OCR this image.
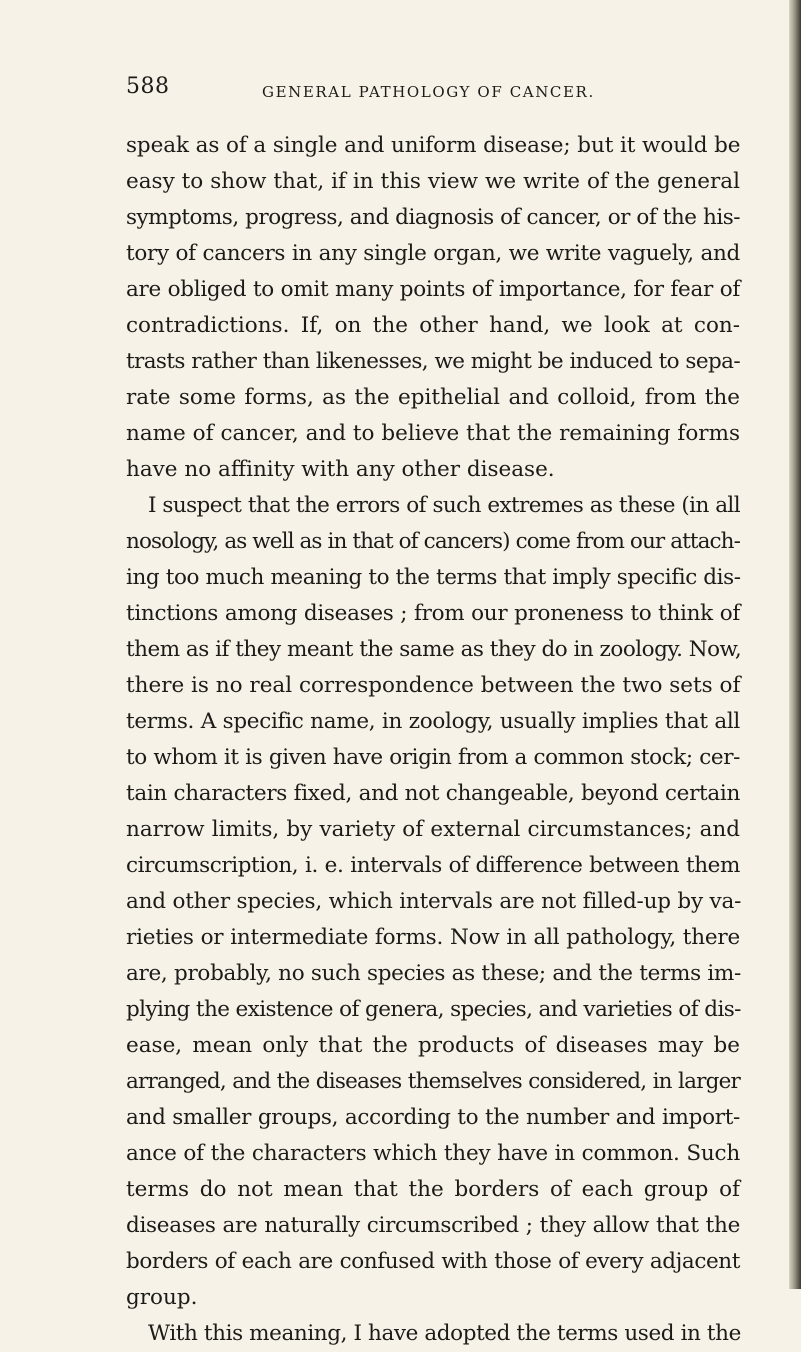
588	GENERAL PATHOLOGY OF CANCER.

speak as of a single and uniform disease; but it would be
easy to show that, if in this view we write of the general
symptoms, progress, and diagnosis of cancer, or of the his-
tory of cancers in any single organ, we write vaguely, and
are obliged to omit many points of importance, for fear of
contradictions. If, on the other hand, we look at con-
trasts rather than likenesses, we might be induced to sepa-
rate some forms, as the epithelial and colloid, from the
name of cancer, and to believe that the remaining forms
have no affinity with any other disease.
I suspect that the errors of such extremes as these (in all
nosology, as well as in that of cancers) come from our attach-
ing too much meaning to the terms that imply specific dis-
tinctions among diseases ; from our proneness to think of
them as if they meant the same as they do in zoology. Now,
there is no real correspondence between the two sets of
terms. A specific name, in zoology, usually implies that all
to whom it is given have origin from a common stock; cer-
tain characters fixed, and not changeable, beyond certain
narrow limits, by variety of external circumstances; and
circumscription, i. e. intervals of difference between them
and other species, which intervals are not filled-up by va-
rieties or intermediate forms. Now in all pathology, there
are, probably, no such species as these; and the terms im-
plying the existence of genera, species, and varieties of dis-
ease, mean only that the products of diseases may be
arranged, and the diseases themselves considered, in larger
and smaller groups, according to the number and import-
ance of the characters which they have in common. Such
terms do not mean that the borders of each group of
diseases are naturally circumscribed ; they allow that the
borders of each are confused with those of every adjacent
group.
With this meaning, I have adopted the terms used in the
